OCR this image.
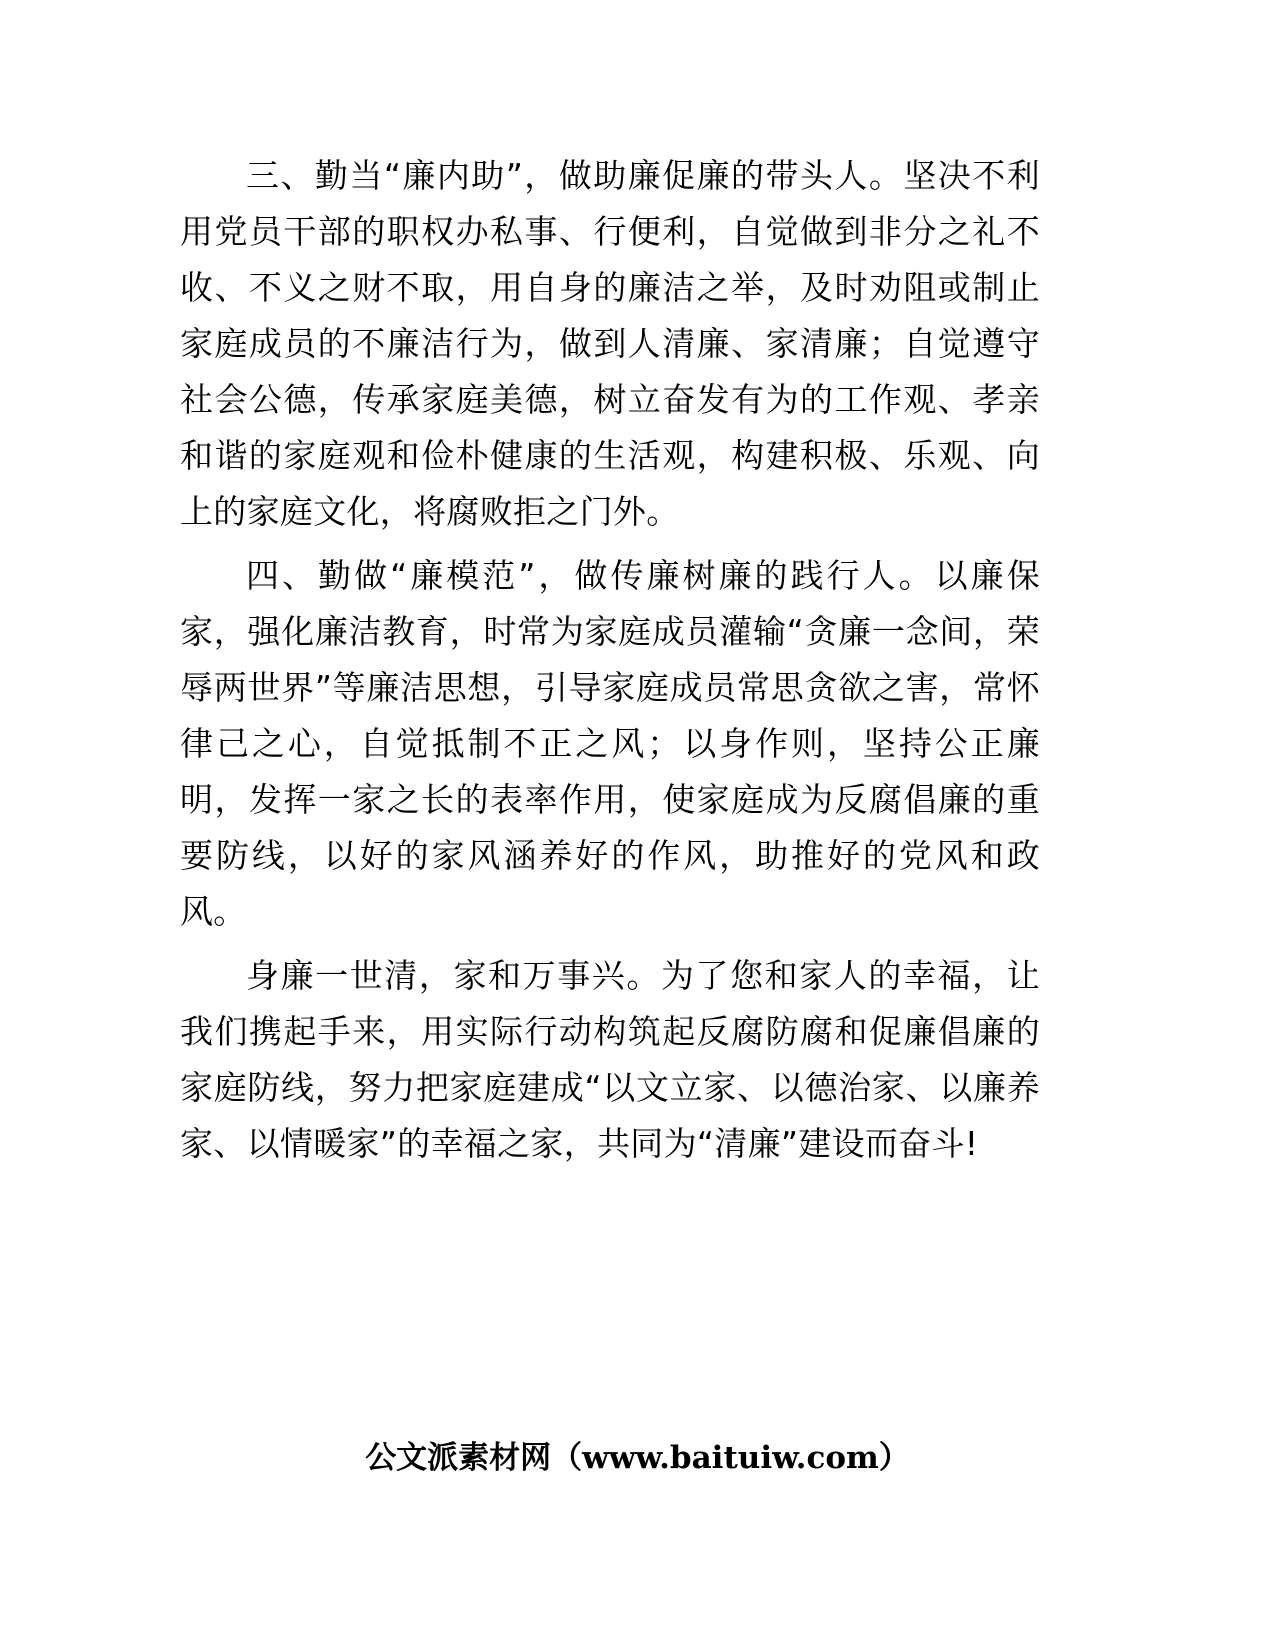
三、勤当“廉内助”，做助廉促廉的带头人。坚决不利用党员干部的职权办私事、行便利，自觉做到非分之礼不收、不义之财不取，用自身的廉洁之举，及时劝阻或制止家庭成员的不廉洁行为，做到人清廉、家清廉；自觉遵守社会公德，传承家庭美德，树立奋发有为的工作观、孝亲和谐的家庭观和俭朴健康的生活观，构建积极、乐观、向上的家庭文化，将腐败拒之门外。

四、勤做“廉模范”，做传廉树廉的践行人。以廉保家，强化廉洁教育，时常为家庭成员灌输“贪廉一念间，荣辱两世界”等廉洁思想，引导家庭成员常思贪欲之害，常怀律己之心，自觉抵制不正之风；以身作则，坚持公正廉明，发挥一家之长的表率作用，使家庭成为反腐倡廉的重要防线，以好的家风涵养好的作风，助推好的党风和政风。

身廉一世清，家和万事兴。为了您和家人的幸福，让我们携起手来，用实际行动构筑起反腐防腐和促廉倡廉的家庭防线，努力把家庭建成“以文立家、以德治家、以廉养家、以情暖家”的幸福之家，共同为“清廉”建设而奋斗!

公文派素材网（www.baituiw.com）
